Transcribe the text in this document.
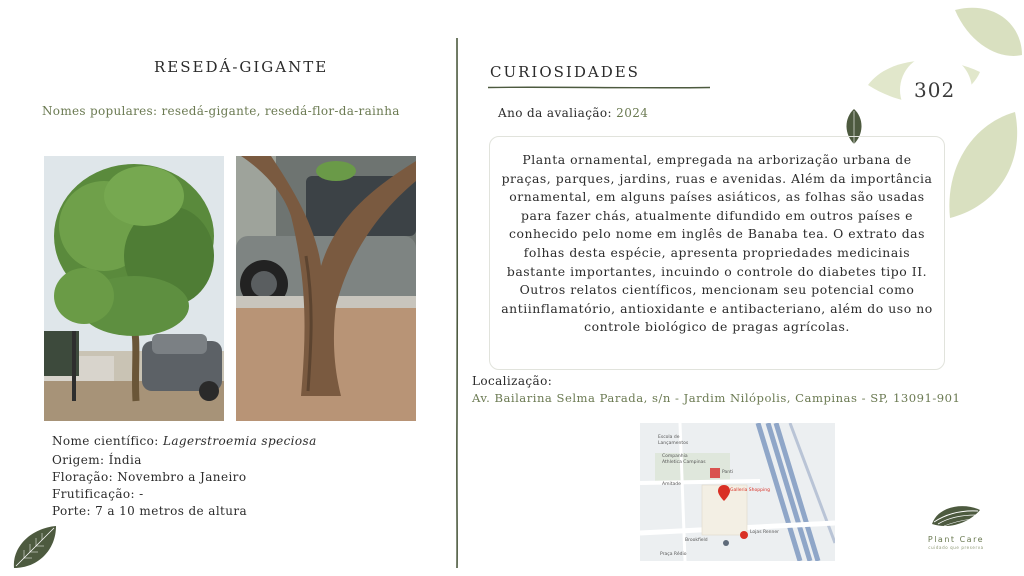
RESEDÁ-GIGANTE
Nomes populares: resedá-gigante, resedá-flor-da-rainha
Nome científico: Lagerstroemia speciosa
Origem: Índia
Floração: Novembro a Janeiro
Frutificação: -
Porte: 7 a 10 metros de altura
CURIOSIDADES
Ano da avaliação: 2024
Planta ornamental, empregada na arborização urbana de praças, parques, jardins, ruas e avenidas. Além da importância ornamental, em alguns países asiáticos, as folhas são usadas para fazer chás, atualmente difundido em outros países e conhecido pelo nome em inglês de Banaba tea. O extrato das folhas desta espécie, apresenta propriedades medicinais bastante importantes, incuindo o controle do diabetes tipo II. Outros relatos científicos, mencionam seu potencial como antiinflamatório, antioxidante e antibacteriano, além do uso no controle biológico de pragas agrícolas.
Localização:
Av. Bailarina Selma Parada, s/n - Jardim Nilópolis, Campinas - SP, 13091-901
Escola de
Lançamentos
Companhia
Athletica Campinas
Panti
Amitade
Galleria Shopping
Lojas Renner
Brookfield
Praça Rédio
302
Plant Care
cuidado que preserva
